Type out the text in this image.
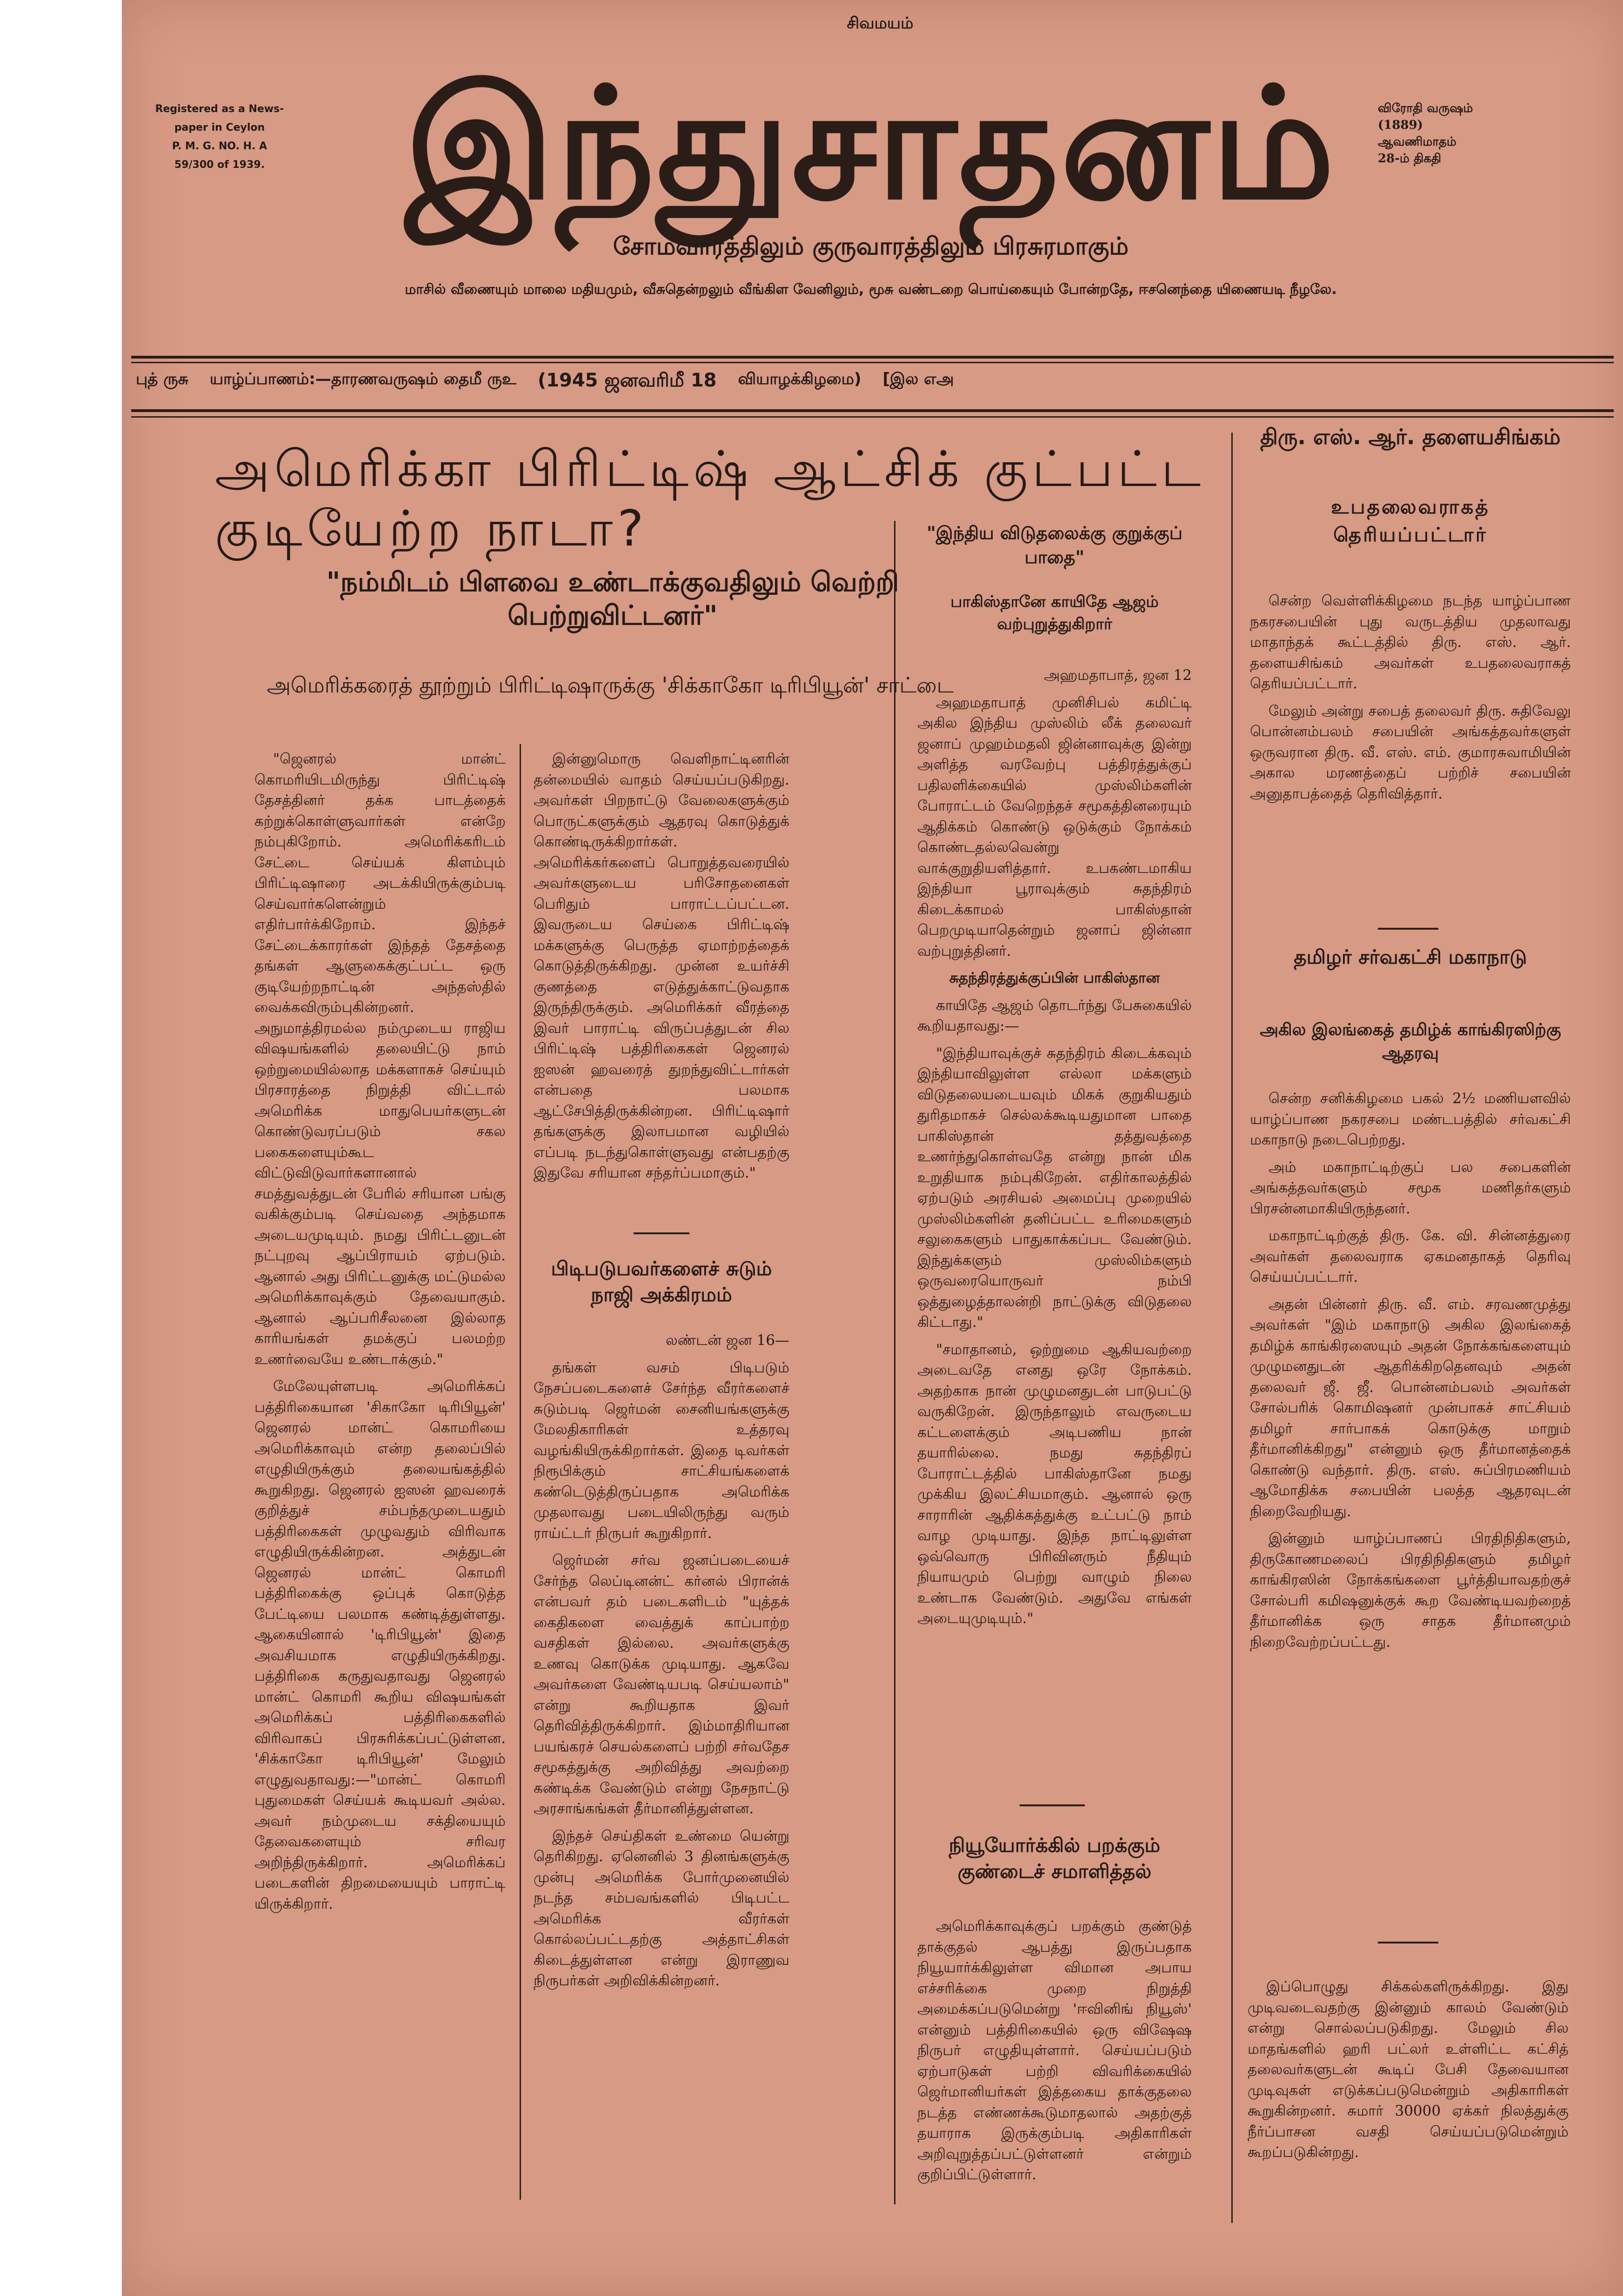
சிவமயம்
Registered as a News-
paper in Ceylon
P. M. G. NO. H. A
59/300 of 1939. இந்துசாதனம்	விரோதி வருஷம்
(1889)
ஆவணிமாதம்
28-ம் திகதி
சோமவாரத்திலும் குருவாரத்திலும் பிரசுரமாகும்
மாசில் வீணையும் மாலை மதியமும், வீசுதென்றலும் வீங்கிள வேனிலும், மூசு வண்டறை பொய்கையும் போன்றதே, ஈசனெந்தை யிணையடி நீழலே.
புத் ருசு யாழ்ப்பாணம்:—தாரணவருஷம் தைமீ ருஉ (1945 ஜனவரிமீ 18 வியாழக்கிழமை) [இல எஅ
அமெரிக்கா பிரிட்டிஷ் ஆட்சிக் குட்பட்ட
குடியேற்ற நாடா?
"நம்மிடம் பிளவை உண்டாக்குவதிலும் வெற்றி பெற்றுவிட்டனர்"
அமெரிக்கரைத் தூற்றும் பிரிட்டிஷாருக்கு 'சிக்காகோ டிரிபியூன்' சாட்டை

"ஜெனரல் மான்ட் கொமரியிடமிருந்து பிரிட்டிஷ் தேசத்தினர் தக்க பாடத்தைக் கற்றுக்கொள்ளுவார்கள் என்றே நம்புகிறோம். அமெரிக்கரிடம் சேட்டை செய்யக் கிளம்பும் பிரிட்டிஷாரை அடக்கியிருக்கும்படி செய்வார்களென்றும் எதிர்பார்க்கிறோம். இந்தச் சேட்டைக்காரர்கள் இந்தத் தேசத்தை தங்கள் ஆளுகைக்குட்பட்ட ஒரு குடியேற்றநாட்டின் அந்தஸ்தில் வைக்கவிரும்புகின்றனர். அநுமாத்திரமல்ல நம்முடைய ராஜிய விஷயங்களில் தலையிட்டு நாம் ஒற்றுமையில்லாத மக்களாகச் செய்யும் பிரசாரத்தை நிறுத்தி விட்டால் அமெரிக்க மாதுபெயர்களுடன் கொண்டுவரப்படும் சகல பகைகளையும்கூட விட்டுவிடுவார்களானால் சமத்துவத்துடன் பேரில் சரியான பங்கு வகிக்கும்படி செய்வதை அந்தமாக அடையமுடியும். நமது பிரிட்டனுடன் நட்புறவு ஆப்பிராயம் ஏற்படும். ஆனால் அது பிரிட்டனுக்கு மட்டுமல்ல அமெரிக்காவுக்கும் தேவையாகும். ஆனால் ஆப்பரிசீலனை இல்லாத காரியங்கள் தமக்குப் பலமற்ற உணர்வையே உண்டாக்கும்."

மேலேயுள்ளபடி அமெரிக்கப் பத்திரிகையான 'சிகாகோ டிரிபியூன்' ஜெனரல் மான்ட் கொமரியை அமெரிக்காவும் என்ற தலைப்பில் எழுதியிருக்கும் தலையங்கத்தில் கூறுகிறது. ஜெனரல் ஐஸன் ஹவரைக் குறித்துச் சம்பந்தமுடையதும் பத்திரிகைகள் முழுவதும் விரிவாக எழுதியிருக்கின்றன. அத்துடன் ஜெனரல் மான்ட் கொமரி பத்திரிகைக்கு ஒப்புக் கொடுத்த பேட்டியை பலமாக கண்டித்துள்ளது. ஆகையினால் 'டிரிபியூன்' இதை அவசியமாக எழுதியிருக்கிறது. பத்திரிகை கருதுவதாவது ஜெனரல் மான்ட் கொமரி கூறிய விஷயங்கள் அமெரிக்கப் பத்திரிகைகளில் விரிவாகப் பிரசுரிக்கப்பட்டுள்ளன. 'சிக்காகோ டிரிபியூன்' மேலும் எழுதுவதாவது:—"மான்ட் கொமரி புதுமைகள் செய்யக் கூடியவர் அல்ல. அவர் நம்முடைய சக்தியையும் தேவைகளையும் சரிவர அறிந்திருக்கிறார். அமெரிக்கப் படைகளின் திறமையையும் பாராட்டி யிருக்கிறார்.

இன்னுமொரு வெளிநாட்டினரின் தன்மையில் வாதம் செய்யப்படுகிறது. அவர்கள் பிறநாட்டு வேலைகளுக்கும் பொருட்களுக்கும் ஆதரவு கொடுத்துக் கொண்டிருக்கிறார்கள். அமெரிக்கர்களைப் பொறுத்தவரையில் அவர்களுடைய பரிசோதனைகள் பெரிதும் பாராட்டப்பட்டன. இவருடைய செய்கை பிரிட்டிஷ் மக்களுக்கு பெருத்த ஏமாற்றத்தைக் கொடுத்திருக்கிறது. முன்ன உயர்ச்சி குணத்தை எடுத்துக்காட்டுவதாக இருந்திருக்கும். அமெரிக்கர் வீரத்தை இவர் பாராட்டி விருப்பத்துடன் சில பிரிட்டிஷ் பத்திரிகைகள் ஜெனரல் ஐஸன் ஹவரைத் துறந்துவிட்டார்கள் என்பதை பலமாக ஆட்சேபித்திருக்கின்றன. பிரிட்டிஷார் தங்களுக்கு இலாபமான வழியில் எப்படி நடந்துகொள்ளுவது என்பதற்கு இதுவே சரியான சந்தர்ப்பமாகும்."

பிடிபடுபவர்களைச் சுடும் நாஜி அக்கிரமம்

லண்டன் ஜன 16—

தங்கள் வசம் பிடிபடும் நேசப்படைகளைச் சேர்ந்த வீரர்களைச் சுடும்படி ஜெர்மன் சைனியங்களுக்கு மேலதிகாரிகள் உத்தரவு வழங்கியிருக்கிறார்கள். இதை டிவர்கள் நிரூபிக்கும் சாட்சியங்களைக் கண்டெடுத்திருப்பதாக அமெரிக்க முதலாவது படையிலிருந்து வரும் ராய்ட்டர் நிருபர் கூறுகிறார்.

ஜெர்மன் சர்வ ஜனப்படையைச் சேர்ந்த லெப்டினன்ட் கர்னல் பிரான்க் என்பவர் தம் படைகளிடம் "யுத்தக் கைதிகளை வைத்துக் காப்பாற்ற வசதிகள் இல்லை. அவர்களுக்கு உணவு கொடுக்க முடியாது. ஆகவே அவர்களை வேண்டியபடி செய்யலாம்" என்று கூறியதாக இவர் தெரிவித்திருக்கிறார். இம்மாதிரியான பயங்கரச் செயல்களைப் பற்றி சர்வதேச சமூகத்துக்கு அறிவித்து அவற்றை கண்டிக்க வேண்டும் என்று நேசநாட்டு அரசாங்கங்கள் தீர்மானித்துள்ளன.

இந்தச் செய்திகள் உண்மை யென்று தெரிகிறது. ஏனெனில் 3 தினங்களுக்கு முன்பு அமெரிக்க போர்முனையில் நடந்த சம்பவங்களில் பிடிபட்ட அமெரிக்க வீரர்கள் கொல்லப்பட்டதற்கு அத்தாட்சிகள் கிடைத்துள்ளன என்று இராணுவ நிருபர்கள் அறிவிக்கின்றனர்.

"இந்திய விடுதலைக்கு குறுக்குப் பாதை"
பாகிஸ்தானே காயிதே ஆஜம் வற்புறுத்துகிறார்

அஹமதாபாத், ஜன 12

அஹமதாபாத் முனிசிபல் கமிட்டி அகில இந்திய முஸ்லிம் லீக் தலைவர் ஜனாப் முஹம்மதலி ஜின்னாவுக்கு இன்று அளித்த வரவேற்பு பத்திரத்துக்குப் பதிலளிக்கையில் முஸ்லிம்களின் போராட்டம் வேறெந்தச் சமூகத்தினரையும் ஆதிக்கம் கொண்டு ஒடுக்கும் நோக்கம் கொண்டதல்லவென்று வாக்குறுதியளித்தார். உபகண்டமாகிய இந்தியா பூராவுக்கும் சுதந்திரம் கிடைக்காமல் பாகிஸ்தான் பெறமுடியாதென்றும் ஜனாப் ஜின்னா வற்புறுத்தினர்.

சுதந்திரத்துக்குப்பின் பாகிஸ்தான

காயிதே ஆஜம் தொடர்ந்து பேசுகையில் கூறியதாவது:—

"இந்தியாவுக்குச் சுதந்திரம் கிடைக்கவும் இந்தியாவிலுள்ள எல்லா மக்களும் விடுதலையடையவும் மிகக் குறுகியதும் துரிதமாகச் செல்லக்கூடியதுமான பாதை பாகிஸ்தான் தத்துவத்தை உணர்ந்துகொள்வதே என்று நான் மிக உறுதியாக நம்புகிறேன். எதிர்காலத்தில் ஏற்படும் அரசியல் அமைப்பு முறையில் முஸ்லிம்களின் தனிப்பட்ட உரிமைகளும் சலுகைகளும் பாதுகாக்கப்பட வேண்டும். இந்துக்களும் முஸ்லிம்களும் ஒருவரையொருவர் நம்பி ஒத்துழைத்தாலன்றி நாட்டுக்கு விடுதலை கிட்டாது."

"சமாதானம், ஒற்றுமை ஆகியவற்றை அடைவதே எனது ஒரே நோக்கம். அதற்காக நான் முழுமனதுடன் பாடுபட்டு வருகிறேன். இருந்தாலும் எவருடைய கட்டளைக்கும் அடிபணிய நான் தயாரில்லை. நமது சுதந்திரப் போராட்டத்தில் பாகிஸ்தானே நமது முக்கிய இலட்சியமாகும். ஆனால் ஒரு சாராரின் ஆதிக்கத்துக்கு உட்பட்டு நாம் வாழ முடியாது. இந்த நாட்டிலுள்ள ஒவ்வொரு பிரிவினரும் நீதியும் நியாயமும் பெற்று வாழும் நிலை உண்டாக வேண்டும். அதுவே எங்கள் அடையுமுடியும்."

நியூயோர்க்கில் பறக்கும் குண்டைச் சமாளித்தல்

அமெரிக்காவுக்குப் பறக்கும் குண்டுத் தாக்குதல் ஆபத்து இருப்பதாக நியூயார்க்கிலுள்ள விமான அபாய எச்சரிக்கை முறை நிறுத்தி அமைக்கப்படுமென்று 'ஈவினிங் நியூஸ்' என்னும் பத்திரிகையில் ஒரு விஷேஷ நிருபர் எழுதியுள்ளார். செய்யப்படும் ஏற்பாடுகள் பற்றி விவரிக்கையில் ஜெர்மானியர்கள் இத்தகைய தாக்குதலை நடத்த எண்ணக்கூடுமாதலால் அதற்குத் தயாராக இருக்கும்படி அதிகாரிகள் அறிவுறுத்தப்பட்டுள்ளனர் என்றும் குறிப்பிட்டுள்ளார்.

திரு. எஸ். ஆர். தளையசிங்கம்
உபதலைவராகத் தெரியப்பட்டார்

சென்ற வெள்ளிக்கிழமை நடந்த யாழ்ப்பாண நகரசபையின் புது வருடத்திய முதலாவது மாதாந்தக் கூட்டத்தில் திரு. எஸ். ஆர். தளையசிங்கம் அவர்கள் உபதலைவராகத் தெரியப்பட்டார்.

மேலும் அன்று சபைத் தலைவர் திரு. சுதிவேலு பொன்னம்பலம் சபையின் அங்கத்தவர்களுள் ஒருவரான திரு. வீ. எஸ். எம். குமாரசுவாமியின் அகால மரணத்தைப் பற்றிச் சபையின் அனுதாபத்தைத் தெரிவித்தார்.

தமிழர் சர்வகட்சி மகாநாடு
அகில இலங்கைத் தமிழ்க் காங்கிரஸிற்கு ஆதரவு

சென்ற சனிக்கிழமை பகல் 2½ மணியளவில் யாழ்ப்பாண நகரசபை மண்டபத்தில் சர்வகட்சி மகாநாடு நடைபெற்றது.

அம் மகாநாட்டிற்குப் பல சபைகளின் அங்கத்தவர்களும் சமூக மணிதர்களும் பிரசன்னமாகியிருந்தனர்.

மகாநாட்டிற்குத் திரு. கே. வி. சின்னத்துரை அவர்கள் தலைவராக ஏகமனதாகத் தெரிவு செய்யப்பட்டார்.

அதன் பின்னர் திரு. வீ. எம். சரவணமுத்து அவர்கள் "இம் மகாநாடு அகில இலங்கைத் தமிழ்க் காங்கிரஸையும் அதன் நோக்கங்களையும் முழுமனதுடன் ஆதரிக்கிறதெனவும் அதன் தலைவர் ஜீ. ஜீ. பொன்னம்பலம் அவர்கள் சோல்பரிக் கொமிஷனர் முன்பாகச் சாட்சியம் தமிழர் சார்பாகக் கொடுக்கு மாறும் தீர்மானிக்கிறது" என்னும் ஒரு தீர்மானத்தைக் கொண்டு வந்தார். திரு. எஸ். சுப்பிரமணியம் ஆமோதிக்க சபையின் பலத்த ஆதரவுடன் நிறைவேறியது.

இன்னும் யாழ்ப்பாணப் பிரதிநிதிகளும், திருகோணமலைப் பிரதிநிதிகளும் தமிழர் காங்கிரஸின் நோக்கங்களை பூர்த்தியாவதற்குச் சோல்பரி கமிஷனுக்குக் கூற வேண்டியவற்றைத் தீர்மானிக்க ஒரு சாதக தீர்மானமும் நிறைவேற்றப்பட்டது.

இப்பொழுது சிக்கல்களிருக்கிறது. இது முடிவடைவதற்கு இன்னும் காலம் வேண்டும் என்று சொல்லப்படுகிறது. மேலும் சில மாதங்களில் ஹரி பட்லர் உள்ளிட்ட கட்சித் தலைவர்களுடன் கூடிப் பேசி தேவையான முடிவுகள் எடுக்கப்படுமென்றும் அதிகாரிகள் கூறுகின்றனர். சுமார் 30000 ஏக்கர் நிலத்துக்கு நீர்ப்பாசன வசதி செய்யப்படுமென்றும் கூறப்படுகின்றது.
